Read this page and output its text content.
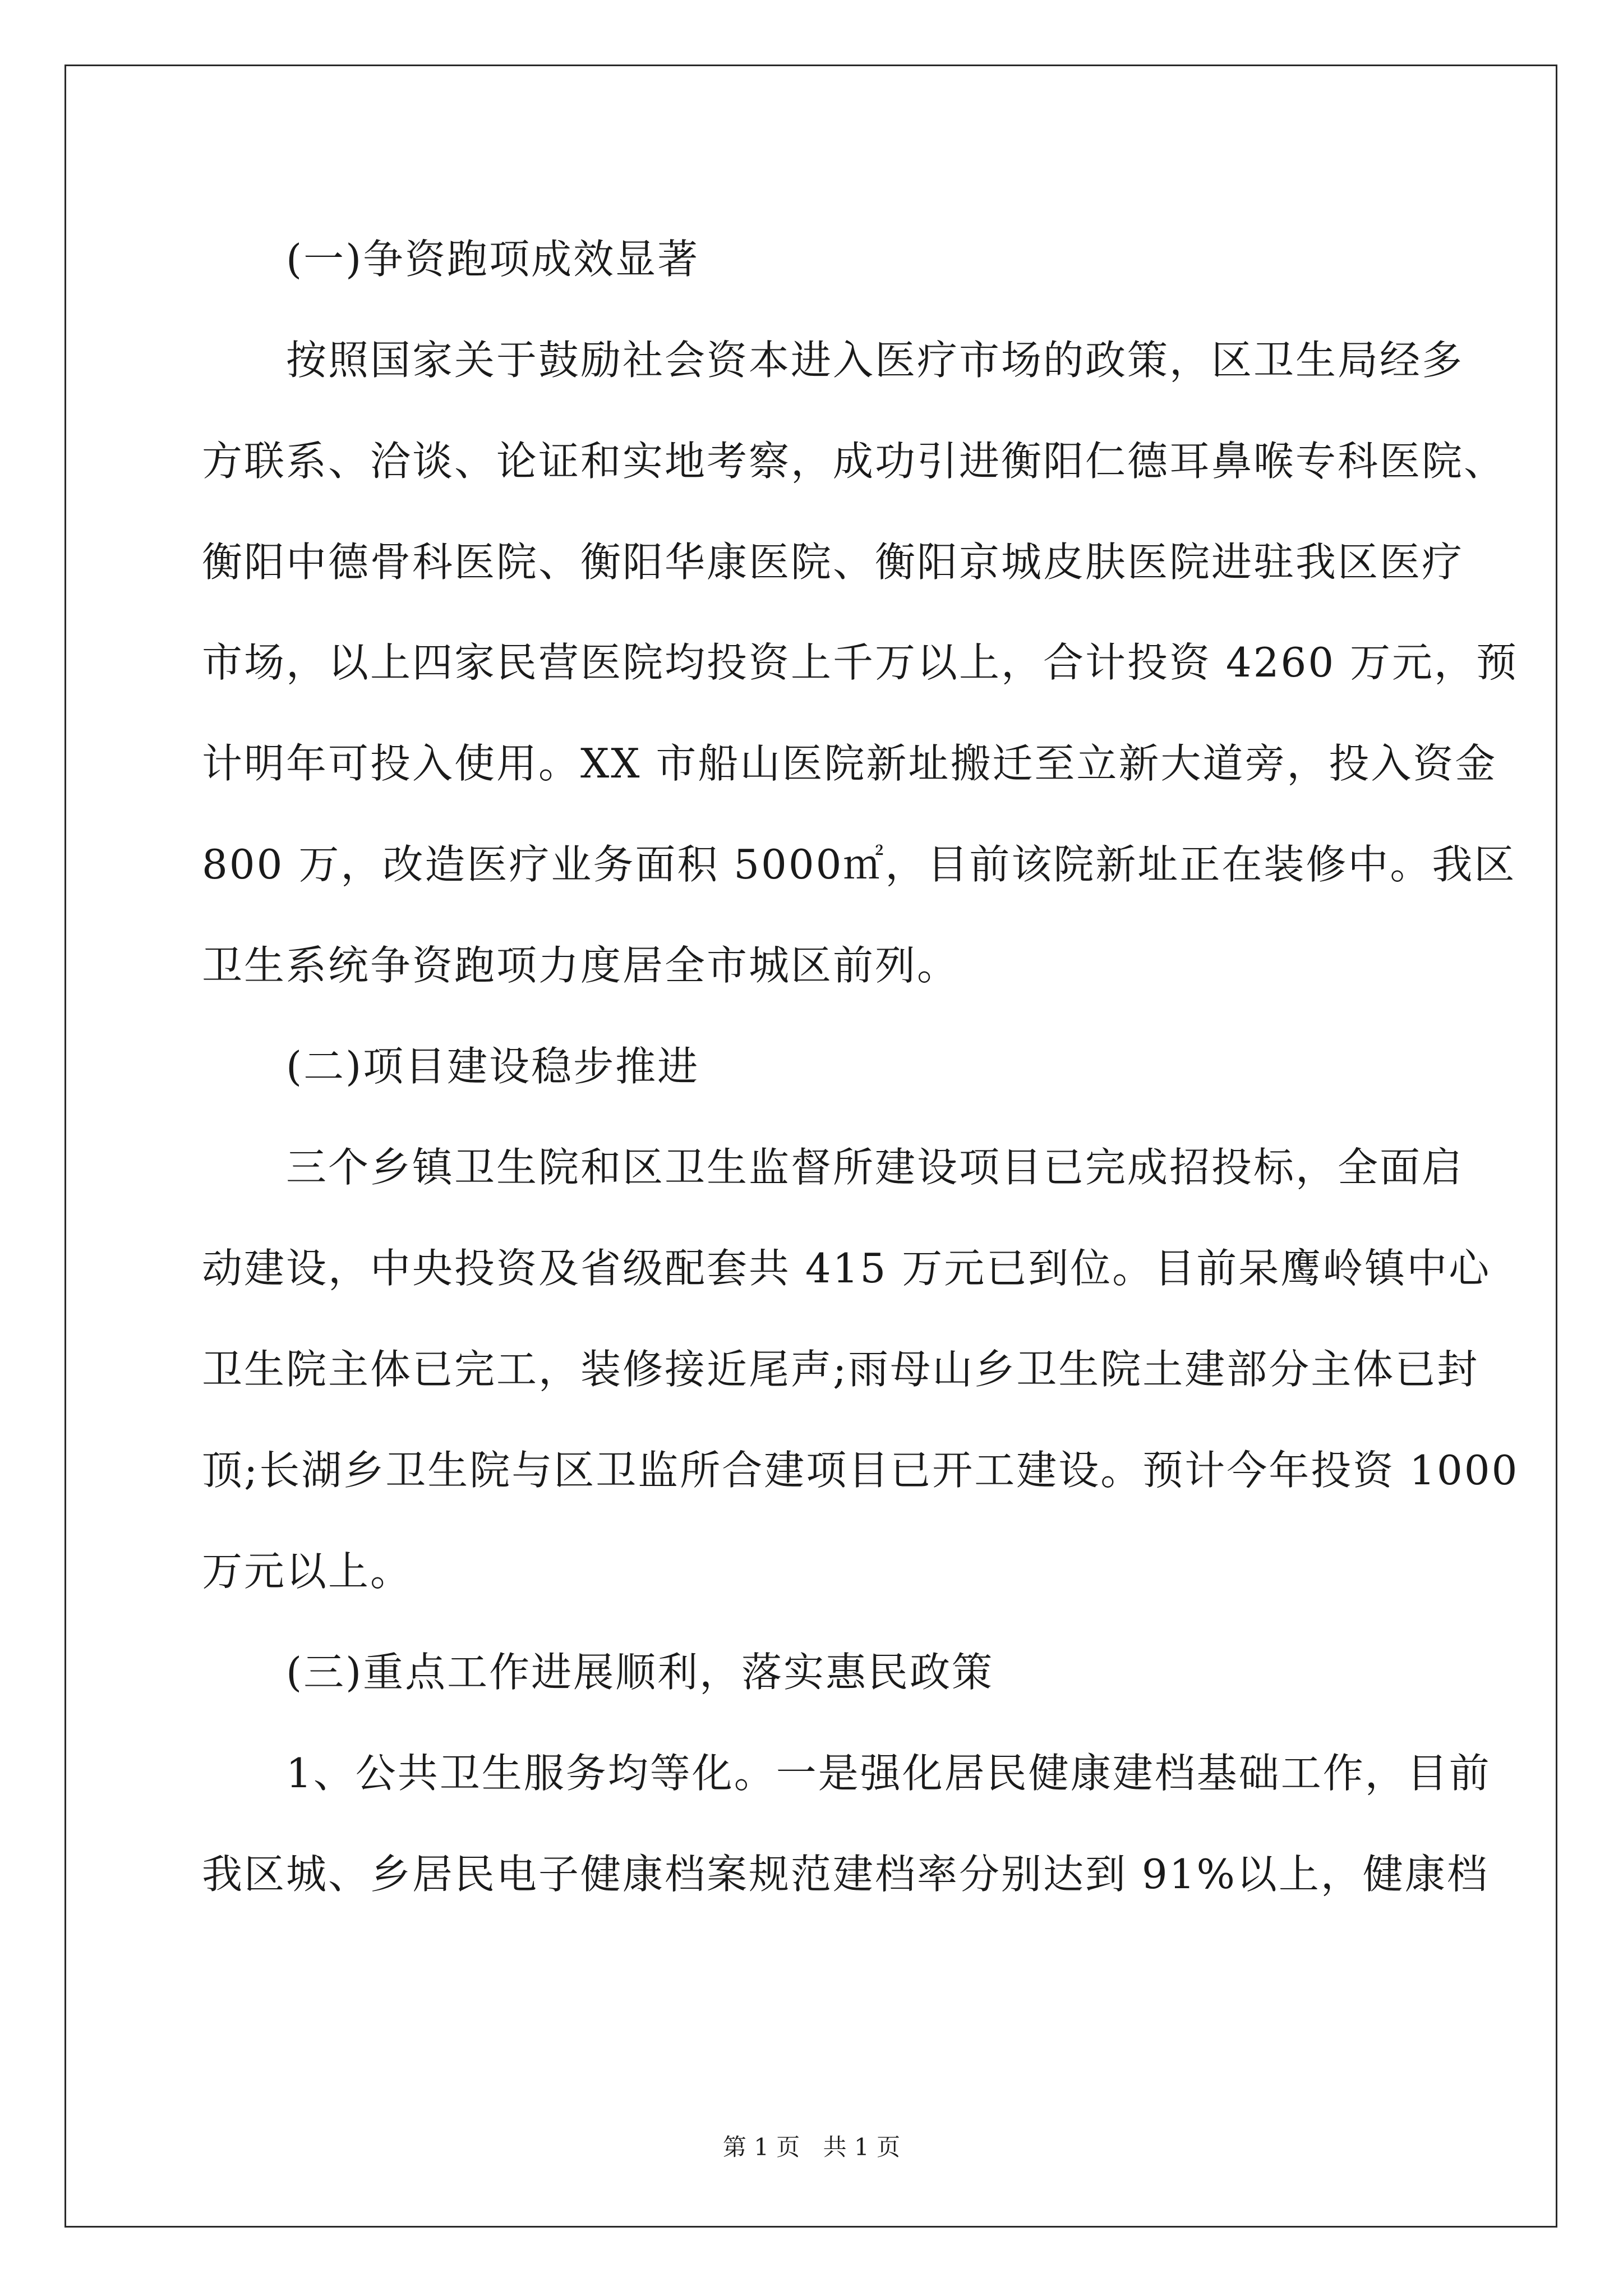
　　(一)争资跑项成效显著
　　按照国家关于鼓励社会资本进入医疗市场的政策，区卫生局经多
方联系、洽谈、论证和实地考察，成功引进衡阳仁德耳鼻喉专科医院、
衡阳中德骨科医院、衡阳华康医院、衡阳京城皮肤医院进驻我区医疗
市场，以上四家民营医院均投资上千万以上，合计投资 4260 万元，预
计明年可投入使用。XX 市船山医院新址搬迁至立新大道旁，投入资金
800 万，改造医疗业务面积 5000㎡，目前该院新址正在装修中。我区
卫生系统争资跑项力度居全市城区前列。
　　(二)项目建设稳步推进
　　三个乡镇卫生院和区卫生监督所建设项目已完成招投标，全面启
动建设，中央投资及省级配套共 415 万元已到位。目前呆鹰岭镇中心
卫生院主体已完工，装修接近尾声;雨母山乡卫生院土建部分主体已封
顶;长湖乡卫生院与区卫监所合建项目已开工建设。预计今年投资 1000
万元以上。
　　(三)重点工作进展顺利，落实惠民政策
　　1、公共卫生服务均等化。一是强化居民健康建档基础工作，目前
我区城、乡居民电子健康档案规范建档率分别达到 91%以上，健康档
第 1 页 共 1 页
